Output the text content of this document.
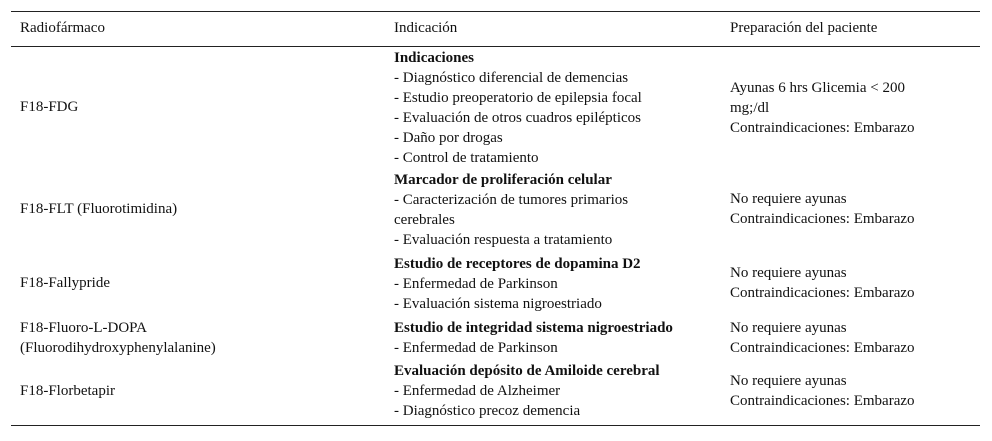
Radiofármaco	Indicación	Preparación del paciente
F18-FDG
Indicaciones
- Diagnóstico diferencial de demencias
- Estudio preoperatorio de epilepsia focal
- Evaluación de otros cuadros epilépticos
- Daño por drogas
- Control de tratamiento
Ayunas 6 hrs Glicemia < 200 mg;/dl
Contraindicaciones: Embarazo
F18-FLT (Fluorotimidina)
Marcador de proliferación celular
- Caracterización de tumores primarios cerebrales
- Evaluación respuesta a tratamiento
No requiere ayunas
Contraindicaciones: Embarazo
F18-Fallypride
Estudio de receptores de dopamina D2
- Enfermedad de Parkinson
- Evaluación sistema nigroestriado
No requiere ayunas
Contraindicaciones: Embarazo
F18-Fluoro-L-DOPA
(Fluorodihydroxyphenylalanine)
Estudio de integridad sistema nigroestriado
- Enfermedad de Parkinson
No requiere ayunas
Contraindicaciones: Embarazo
F18-Florbetapir
Evaluación depósito de Amiloide cerebral
- Enfermedad de Alzheimer
- Diagnóstico precoz demencia
No requiere ayunas
Contraindicaciones: Embarazo
